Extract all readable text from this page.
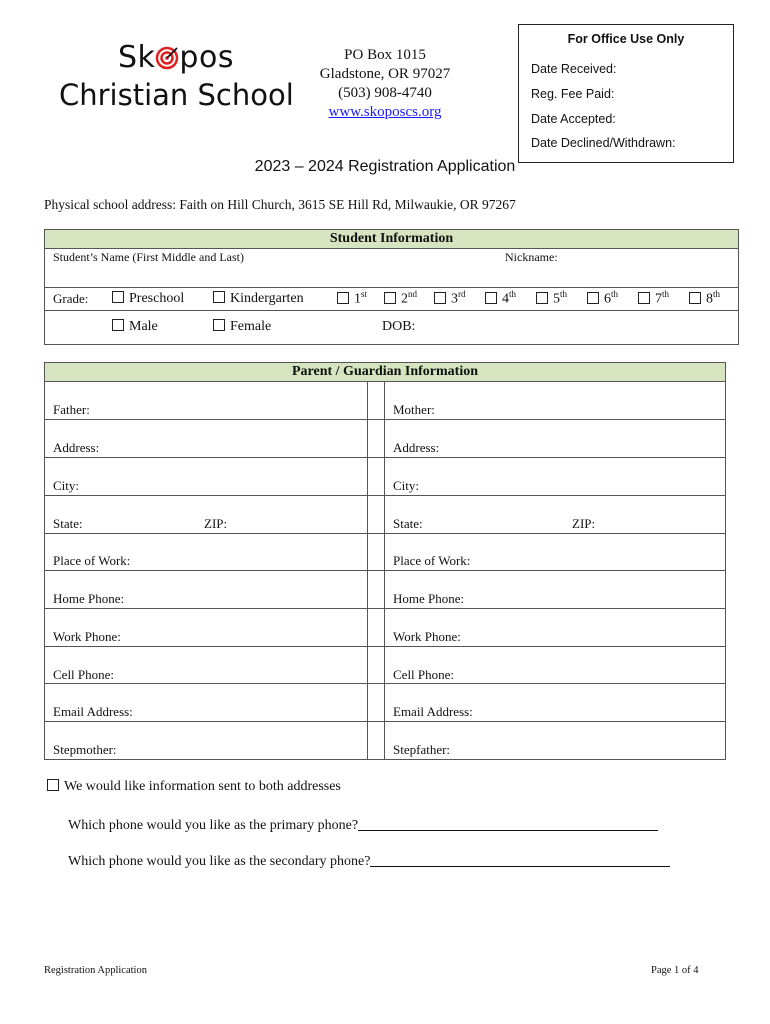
Sk pos
Christian School
PO Box 1015
Gladstone, OR 97027
(503) 908-4740
www.skoposcs.org
For Office Use Only
Date Received:
Reg. Fee Paid:
Date Accepted:
Date Declined/Withdrawn:
2023 – 2024 Registration Application
Physical school address: Faith on Hill Church, 3615 SE Hill Rd, Milwaukie, OR 97267
Student Information
Student’s Name (First Middle and Last)	Nickname:
Grade:	Preschool	Kindergarten	1st	2nd	3rd	4th	5th	6th	7th	8th
Male	Female	DOB:
Parent / Guardian Information
Father:	Mother:
Address:	Address:
City:	City:
State:	ZIP:	State:	ZIP:
Place of Work:	Place of Work:
Home Phone:	Home Phone:
Work Phone:	Work Phone:
Cell Phone:	Cell Phone:
Email Address:	Email Address:
Stepmother:	Stepfather:
We would like information sent to both addresses
Which phone would you like as the primary phone?
Which phone would you like as the secondary phone?
Registration Application	Page 1 of 4
